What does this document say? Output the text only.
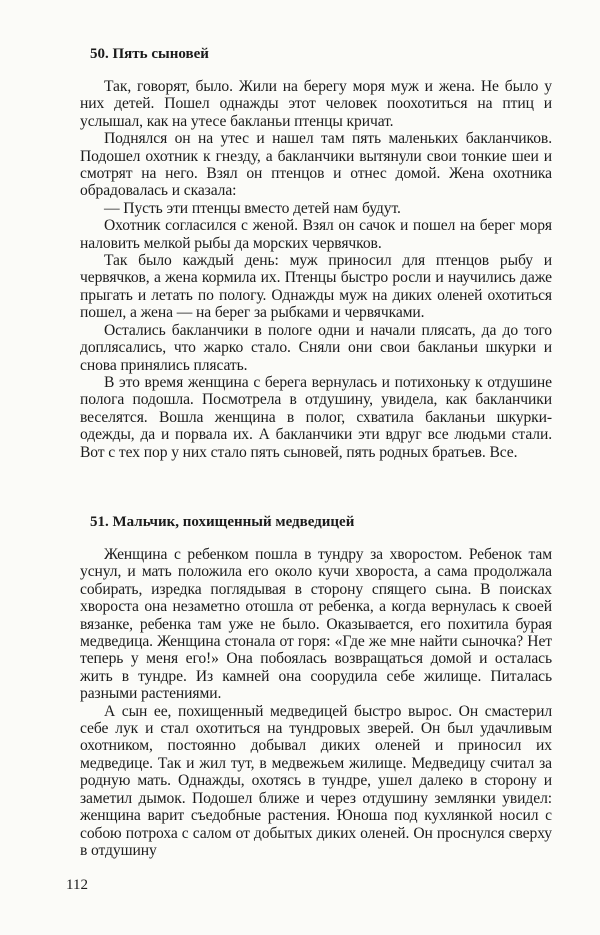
50. Пять сыновей

Так, говорят, было. Жили на берегу моря муж и жена. Не было у них детей. Пошел однажды этот человек поохотиться на птиц и услышал, как на утесе бакланьи птенцы кричат.

Поднялся он на утес и нашел там пять маленьких бакланчиков. Подошел охотник к гнезду, а бакланчики вытянули свои тонкие шеи и смотрят на него. Взял он птенцов и отнес домой. Жена охотника обрадовалась и сказала:

— Пусть эти птенцы вместо детей нам будут.

Охотник согласился с женой. Взял он сачок и пошел на берег моря наловить мелкой рыбы да морских червячков.

Так было каждый день: муж приносил для птенцов рыбу и червячков, а жена кормила их. Птенцы быстро росли и научились даже прыгать и летать по пологу. Однажды муж на диких оленей охотиться пошел, а жена — на берег за рыбками и червячками.

Остались бакланчики в пологе одни и начали плясать, да до того доплясались, что жарко стало. Сняли они свои бакланьи шкурки и снова принялись плясать.

В это время женщина с берега вернулась и потихоньку к отдушине полога подошла. Посмотрела в отдушину, увидела, как бакланчики веселятся. Вошла женщина в полог, схватила бакланьи шкурки-одежды, да и порвала их. А бакланчики эти вдруг все людьми стали. Вот с тех пор у них стало пять сыновей, пять родных братьев. Все.

51. Мальчик, похищенный медведицей

Женщина с ребенком пошла в тундру за хворостом. Ребенок там уснул, и мать положила его около кучи хвороста, а сама продолжала собирать, изредка поглядывая в сторону спящего сына. В поисках хвороста она незаметно отошла от ребенка, а когда вернулась к своей вязанке, ребенка там уже не было. Оказывается, его похитила бурая медведица. Женщина стонала от горя: «Где же мне найти сыночка? Нет теперь у меня его!» Она побоялась возвращаться домой и осталась жить в тундре. Из камней она соорудила себе жилище. Питалась разными растениями.

А сын ее, похищенный медведицей быстро вырос. Он смастерил себе лук и стал охотиться на тундровых зверей. Он был удачливым охотником, постоянно добывал диких оленей и приносил их медведице. Так и жил тут, в медвежьем жилище. Медведицу считал за родную мать. Однажды, охотясь в тундре, ушел далеко в сторону и заметил дымок. Подошел ближе и через отдушину землянки увидел: женщина варит съедобные растения. Юноша под кухлянкой носил с собою потроха с салом от добытых диких оленей. Он проснулся сверху в отдушину

112
